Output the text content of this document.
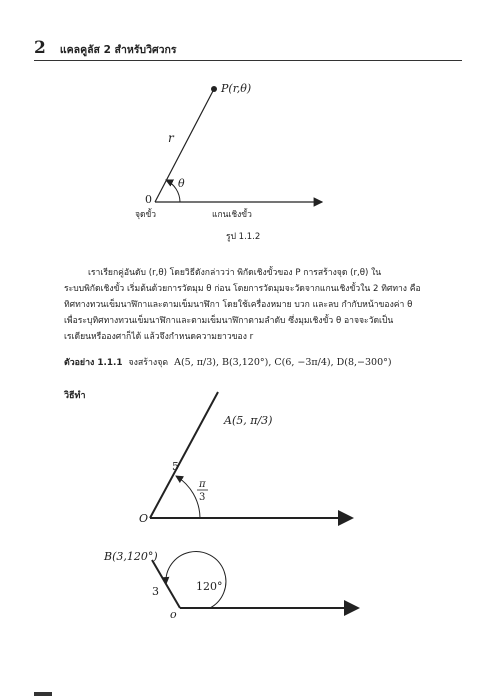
2 แคลคูลัส 2 สำหรับวิศวกร
P(r,θ)
r
θ
0
จุดขั้ว	แกนเชิงขั้ว
รูป 1.1.2

เราเรียกคู่อันดับ (r,θ) โดยวิธีดังกล่าวว่า พิกัดเชิงขั้วของ P การสร้างจุด (r,θ) ใน

ระบบพิกัดเชิงขั้ว เริ่มต้นด้วยการวัดมุม θ ก่อน โดยการวัดมุมจะวัดจากแกนเชิงขั้วใน 2 ทิศทาง คือ

ทิศทางทวนเข็มนาฬิกาและตามเข็มนาฬิกา โดยใช้เครื่องหมาย บวก และลบ กำกับหน้าของค่า θ

เพื่อระบุทิศทางทวนเข็มนาฬิกาและตามเข็มนาฬิกาตามลำดับ ซึ่งมุมเชิงขั้ว θ อาจจะวัดเป็น

เรเดียนหรือองศาก็ได้ แล้วจึงกำหนดความยาวของ r

ตัวอย่าง 1.1.1 จงสร้างจุด A(5, π/3), B(3,120°), C(6, −3π/4), D(8,−300°)
วิธีทำ
A(5, π/3)
5
π
3
O
B(3,120°)
3	120°
o
